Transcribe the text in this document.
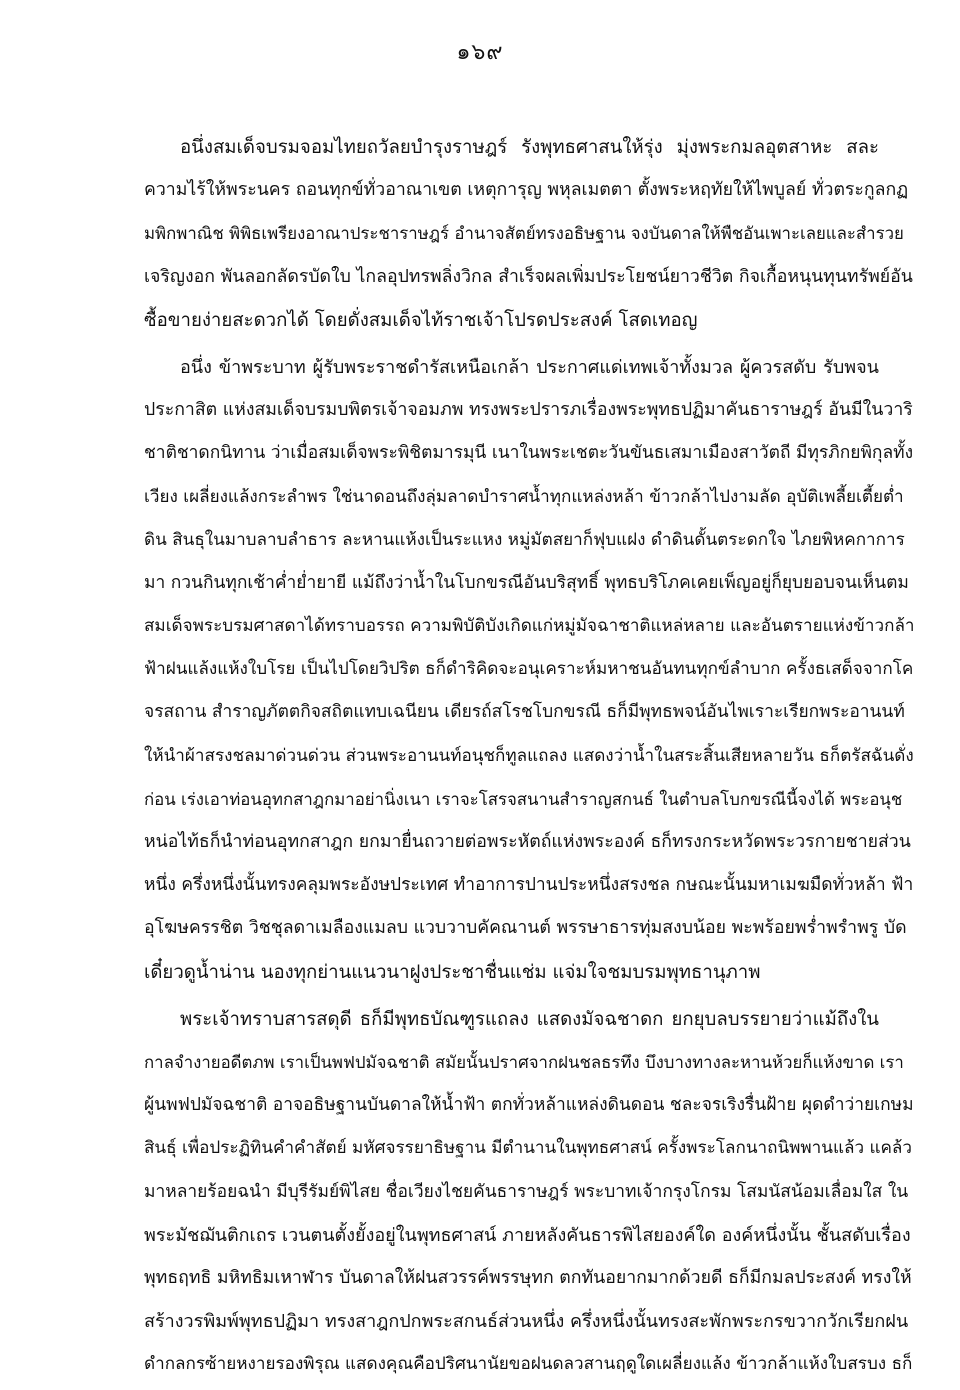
๑๖๙
อนึ่งสมเด็จบรมจอมไทยถวัลยบำรุงราษฎร์ รังพุทธศาสนให้รุ่ง มุ่งพระกมลอุตสาหะ สละ
ความไร้ให้พระนคร ถอนทุกข์ทั่วอาณาเขต เหตุการุญ พหุลเมตตา ตั้งพระหฤทัยให้ไพบูลย์ ทั่วตระกูลกฏ
มพิกพาณิช พิพิธเพรียงอาณาประชาราษฎร์ อำนาจสัตย์ทรงอธิษฐาน จงบันดาลให้พืชอันเพาะเลยและสำรวย
เจริญงอก พันลอกลัดรบัดใบ ไกลอุปทรพลิ่งวิกล สำเร็จผลเพิ่มประโยชน์ยาวชีวิต กิจเกื้อหนุนทุนทรัพย์อัน
ซื้อขายง่ายสะดวกได้ โดยดั่งสมเด็จไท้ราชเจ้าโปรดประสงค์ โสดเทอญ
อนึ่ง ข้าพระบาท ผู้รับพระราชดำรัสเหนือเกล้า ประกาศแด่เทพเจ้าทั้งมวล ผู้ควรสดับ รับพจน
ประกาสิต แห่งสมเด็จบรมบพิตรเจ้าจอมภพ ทรงพระปรารภเรื่องพระพุทธปฏิมาคันธาราษฎร์ อันมีในวาริ
ชาติชาดกนิทาน ว่าเมื่อสมเด็จพระพิชิตมารมุนี เนาในพระเชตะวันขันธเสมาเมืองสาวัตถี มีทุรภิกยพิกุลทั้ง
เวียง เผลี่ยงแล้งกระลำพร ใช่นาดอนถึงลุ่มลาดบำราศน้ำทุกแหล่งหล้า ข้าวกล้าไปงามลัด อุบัติเพลี้ยเตี้ยต่ำ
ดิน สินธุในมาบลาบลำธาร ละหานแห้งเป็นระแหง หมู่มัตสยาก็ฟุบแฝง ดำดินดั้นตระดกใจ ไภยพิหคกาการ
มา กวนกินทุกเช้าค่ำย่ำยายี แม้ถึงว่าน้ำในโบกขรณีอันบริสุทธิ์ พุทธบริโภคเคยเพ็ญอยู่ก็ยุบยอบจนเห็นตม
สมเด็จพระบรมศาสดาได้ทราบอรรถ ความพิบัติบังเกิดแก่หมู่มัจฉาชาติแหล่หลาย และอันตรายแห่งข้าวกล้า
ฟ้าฝนแล้งแห้งใบโรย เป็นไปโดยวิปริต ธก็ดำริคิดจะอนุเคราะห์มหาชนอันทนทุกข์ลำบาก ครั้งธเสด็จจากโค
จรสถาน สำราญภัตตกิจสถิตแทบเฉนียน เดียรถ์สโรชโบกขรณี ธก็มีพุทธพจน์อันไพเราะเรียกพระอานนท์
ให้นำผ้าสรงชลมาด่วนด่วน ส่วนพระอานนท์อนุชก็ทูลแถลง แสดงว่าน้ำในสระสิ้นเสียหลายวัน ธก็ตรัสฉันดั่ง
ก่อน เร่งเอาท่อนอุทกสาฎกมาอย่านิ่งเนา เราจะโสรจสนานสำราญสกนธ์ ในตำบลโบกขรณีนี้จงได้ พระอนุช
หน่อไท้ธก็นำท่อนอุทกสาฎก ยกมายื่นถวายต่อพระหัตถ์แห่งพระองค์ ธก็ทรงกระหวัดพระวรกายชายส่วน
หนึ่ง ครึ่งหนึ่งนั้นทรงคลุมพระอังษประเทศ ทำอาการปานประหนึ่งสรงชล กษณะนั้นมหาเมฆมืดทั่วหล้า ฟ้า
อุโฆษครรชิต วิชชุลดาเมลืองแมลบ แวบวาบคัคณานต์ พรรษาธารทุ่มสงบน้อย พะพร้อยพร่ำพรำพรู บัด
เดี๋ยวดูน้ำน่าน นองทุกย่านแนวนาฝูงประชาชื่นแช่ม แจ่มใจชมบรมพุทธานุภาพ
พระเจ้าทราบสารสดุดี ธก็มีพุทธบัณฑูรแถลง แสดงมัจฉชาดก ยกยุบลบรรยายว่าแม้ถึงใน
กาลจำงายอดีตภพ เราเป็นพฟปมัจฉชาติ สมัยนั้นปราศจากฝนชลธรทึง บึงบางทางละหานห้วยก็แห้งขาด เรา
ผู้นพฟปมัจฉชาติ อาจอธิษฐานบันดาลให้น้ำฟ้า ตกทั่วหล้าแหล่งดินดอน ชละจรเริงรื่นฝ้าย ผุดดำว่ายเกษม
สินธุ์ เพื่อประฏิทินคำคำสัตย์ มหัศจรรยาธิษฐาน มีตำนานในพุทธศาสน์ ครั้งพระโลกนาถนิพพานแล้ว แคล้ว
มาหลายร้อยฉนำ มีบุรีรัมย์พิไสย ชื่อเวียงไชยคันธาราษฎร์ พระบาทเจ้ากรุงโกรม โสมนัสน้อมเลื่อมใส ใน
พระมัชฌันติกเถร เวนตนตั้งยั้งอยู่ในพุทธศาสน์ ภายหลังคันธารพิไสยองค์ใด องค์หนึ่งนั้น ชั้นสดับเรื่อง
พุทธฤทธิ มหิทธิมเหาฬาร บันดาลให้ฝนสวรรค์พรรษุทก ตกทันอยากมากด้วยดี ธก็มีกมลประสงค์ ทรงให้
สร้างวรพิมพ์พุทธปฏิมา ทรงสาฎกปกพระสกนธ์ส่วนหนึ่ง ครึ่งหนึ่งนั้นทรงสะพักพระกรขวากวักเรียกฝน
ดำกลกรซ้ายหงายรองพิรุณ แสดงคุณคือปริศนานัยขอฝนดลวสานฤดูใดเผลี่ยงแล้ง ข้าวกล้าแห้งใบสรบง ธก็
